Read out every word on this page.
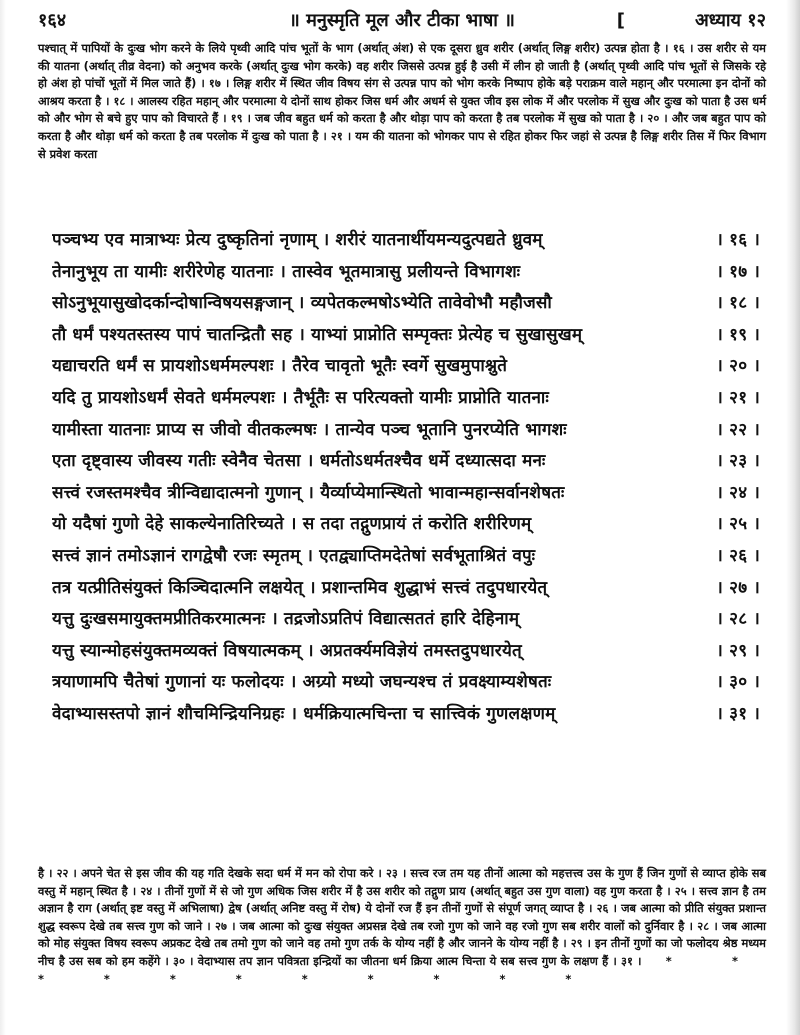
१६४	॥ मनुस्मृति मूल और टीका भाषा ॥	[	अध्याय १२
पश्चात् में पापियों के दुःख भोग करने के लिये पृथ्वी आदि पांच भूतों के भाग (अर्थात् अंश) से एक दूसरा ध्रुव शरीर (अर्थात् लिङ्ग शरीर) उत्पन्न होता है । १६ । उस शरीर से यम की यातना (अर्थात् तीव्र वेदना) को अनुभव करके (अर्थात् दुःख भोग करके) वह शरीर जिससे उत्पन्न हुई है उसी में लीन हो जाती है (अर्थात् पृथ्वी आदि पांच भूतों से जिसके रहे हो अंश हो पांचों भूतों में मिल जाते हैं) । १७ । लिङ्ग शरीर में स्थित जीव विषय संग से उत्पन्न पाप को भोग करके निष्पाप होके बड़े पराक्रम वाले महान् और परमात्मा इन दोनों को आश्रय करता है । १८ । आलस्य रहित महान् और परमात्मा ये दोनों साथ होकर जिस धर्म और अधर्म से युक्त जीव इस लोक में और परलोक में सुख और दुःख को पाता है उस धर्म को और भोग से बचे हुए पाप को विचारते हैं । १९ । जब जीव बहुत धर्म को करता है और थोड़ा पाप को करता है तब परलोक में सुख को पाता है । २० । और जब बहुत पाप को करता है और थोड़ा धर्म को करता है तब परलोक में दुःख को पाता है । २१ । यम की यातना को भोगकर पाप से रहित होकर फिर जहां से उत्पन्न है लिङ्ग शरीर तिस में फिर विभाग से प्रवेश करता
पञ्चभ्य एव मात्राभ्यः प्रेत्य दुष्कृतिनां नृणाम् । शरीरं यातनार्थीयमन्यदुत्पद्यते ध्रुवम्	। १६ ।
तेनानुभूय ता यामीः शरीरेणेह यातनाः । तास्वेव भूतमात्रासु प्रलीयन्ते विभागशः	। १७ ।
सोऽनुभूयासुखोदर्कान्दोषान्विषयसङ्गजान् । व्यपेतकल्मषोऽभ्येति तावेवोभौ महौजसौ	। १८ ।
तौ धर्मं पश्यतस्तस्य पापं चातन्द्रितौ सह । याभ्यां प्राप्नोति सम्पृक्तः प्रेत्येह च सुखासुखम्	। १९ ।
यद्याचरति धर्मं स प्रायशोऽधर्ममल्पशः । तैरेव चावृतो भूतैः स्वर्गे सुखमुपाश्नुते	। २० ।
यदि तु प्रायशोऽधर्मं सेवते धर्ममल्पशः । तैर्भूतैः स परित्यक्तो यामीः प्राप्नोति यातनाः	। २१ ।
यामीस्ता यातनाः प्राप्य स जीवो वीतकल्मषः । तान्येव पञ्च भूतानि पुनरप्येति भागशः	। २२ ।
एता दृष्ट्वास्य जीवस्य गतीः स्वेनैव चेतसा । धर्मतोऽधर्मतश्चैव धर्मे दध्यात्सदा मनः	। २३ ।
सत्त्वं रजस्तमश्चैव त्रीन्विद्यादात्मनो गुणान् । यैर्व्याप्येमान्स्थितो भावान्महान्सर्वानशेषतः	। २४ ।
यो यदैषां गुणो देहे साकल्येनातिरिच्यते । स तदा तद्गुणप्रायं तं करोति शरीरिणम्	। २५ ।
सत्त्वं ज्ञानं तमोऽज्ञानं रागद्वेषौ रजः स्मृतम् । एतद्व्याप्तिमदेतेषां सर्वभूताश्रितं वपुः	। २६ ।
तत्र यत्प्रीतिसंयुक्तं किञ्चिदात्मनि लक्षयेत् । प्रशान्तमिव शुद्धाभं सत्त्वं तदुपधारयेत्	। २७ ।
यत्तु दुःखसमायुक्तमप्रीतिकरमात्मनः । तद्रजोऽप्रतिपं विद्यात्सततं हारि देहिनाम्	। २८ ।
यत्तु स्यान्मोहसंयुक्तमव्यक्तं विषयात्मकम् । अप्रतर्क्यमविज्ञेयं तमस्तदुपधारयेत्	। २९ ।
त्रयाणामपि चैतेषां गुणानां यः फलोदयः । अग्र्यो मध्यो जघन्यश्च तं प्रवक्ष्याम्यशेषतः	। ३० ।
वेदाभ्यासस्तपो ज्ञानं शौचमिन्द्रियनिग्रहः । धर्मक्रियात्मचिन्ता च सात्त्विकं गुणलक्षणम्	। ३१ ।
है । २२ । अपने चेत से इस जीव की यह गति देखके सदा धर्म में मन को रोपा करे । २३ । सत्त्व रज तम यह तीनों आत्मा को महत्तत्त्व उस के गुण हैं जिन गुणों से व्याप्त होके सब वस्तु में महान् स्थित है । २४ । तीनों गुणों में से जो गुण अधिक जिस शरीर में है उस शरीर को तद्गुण प्राय (अर्थात् बहुत उस गुण वाला) वह गुण करता है । २५ । सत्त्व ज्ञान है तम अज्ञान है राग (अर्थात् इष्ट वस्तु में अभिलाषा) द्वेष (अर्थात् अनिष्ट वस्तु में रोष) ये दोनों रज हैं इन तीनों गुणों से संपूर्ण जगत् व्याप्त है । २६ । जब आत्मा को प्रीति संयुक्त प्रशान्त शुद्ध स्वरूप देखे तब सत्त्व गुण को जाने । २७ । जब आत्मा को दुःख संयुक्त अप्रसन्न देखे तब रजो गुण को जाने वह रजो गुण सब शरीर वालों को दुर्निवार है । २८ । जब आत्मा को मोह संयुक्त विषय स्वरूप अप्रकट देखे तब तमो गुण को जाने वह तमो गुण तर्क के योग्य नहीं है और जानने के योग्य नहीं है । २९ । इन तीनों गुणों का जो फलोदय श्रेष्ठ मध्यम नीच है उस सब को हम कहेंगे । ३० । वेदाभ्यास तप ज्ञान पवित्रता इन्द्रियों का जीतना धर्म क्रिया आत्म चिन्ता ये सब सत्त्व गुण के लक्षण हैं । ३१ । * * * * * * * * * * *
